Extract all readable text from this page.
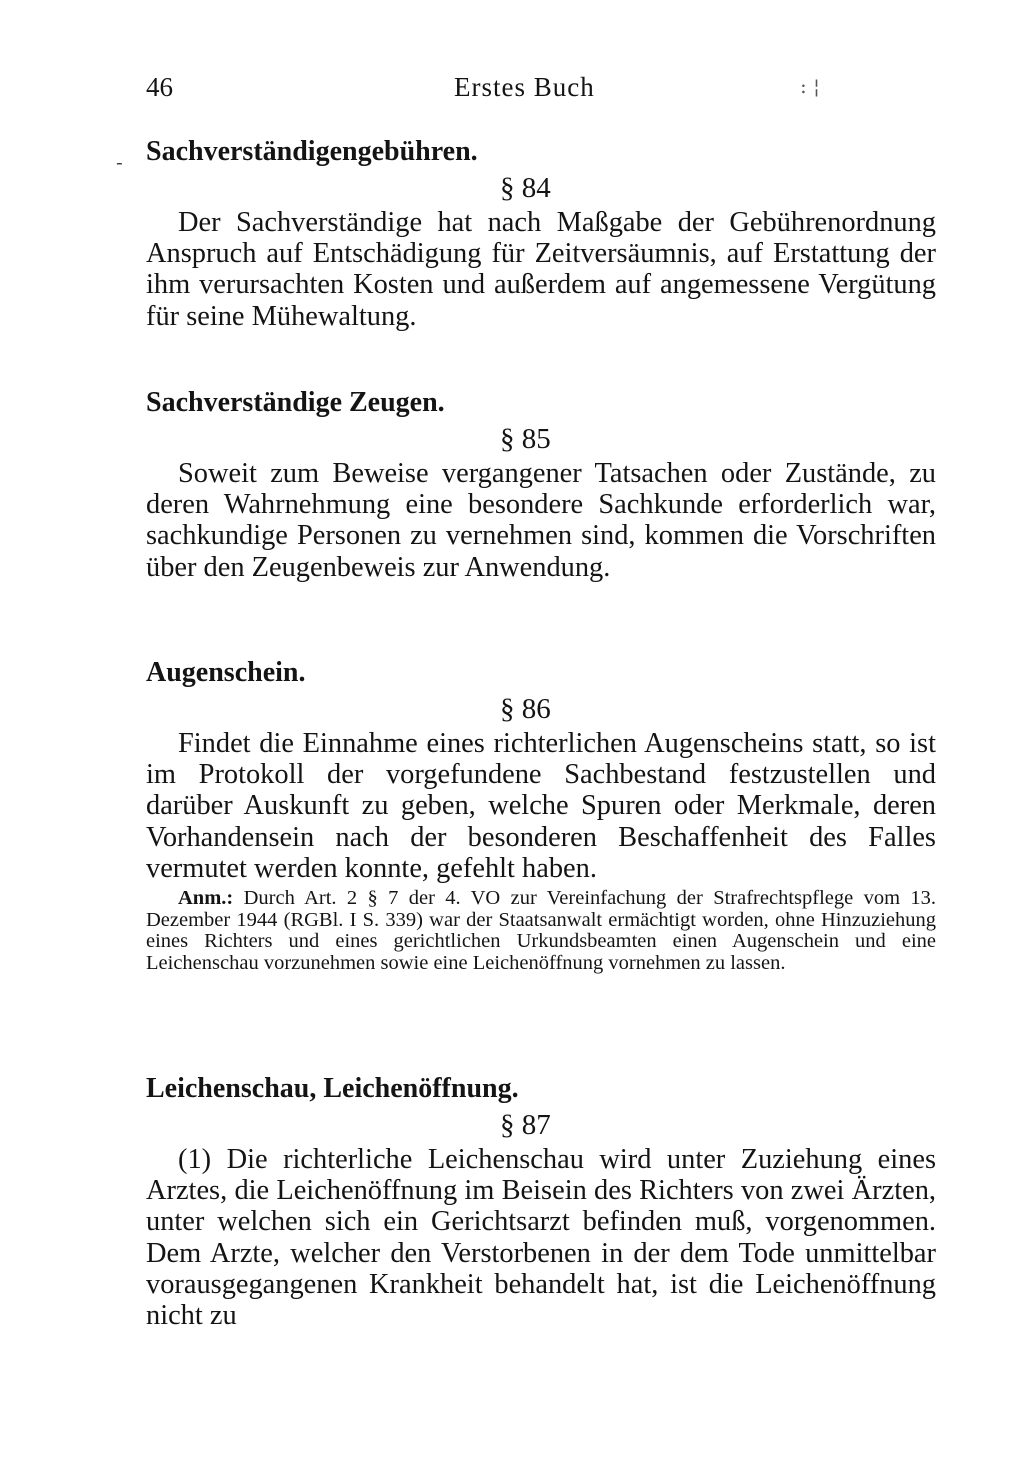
46	Erstes Buch	: ¦
- Sachverständigengebühren.

§ 84

Der Sachverständige hat nach Maßgabe der Gebührenordnung Anspruch auf Entschädigung für Zeitversäumnis, auf Erstattung der ihm verursachten Kosten und außerdem auf angemessene Vergütung für seine Mühewaltung.

Sachverständige Zeugen.

§ 85

Soweit zum Beweise vergangener Tatsachen oder Zustände, zu deren Wahrnehmung eine besondere Sachkunde erforderlich war, sachkundige Personen zu vernehmen sind, kommen die Vorschriften über den Zeugenbeweis zur Anwendung.

Augenschein.

§ 86

Findet die Einnahme eines richterlichen Augenscheins statt, so ist im Protokoll der vorgefundene Sachbestand festzustellen und darüber Auskunft zu geben, welche Spuren oder Merkmale, deren Vorhandensein nach der besonderen Beschaffenheit des Falles vermutet werden konnte, gefehlt haben.

Anm.: Durch Art. 2 § 7 der 4. VO zur Vereinfachung der Strafrechtspflege vom 13. Dezember 1944 (RGBl. I S. 339) war der Staatsanwalt ermächtigt worden, ohne Hinzuziehung eines Richters und eines gerichtlichen Urkundsbeamten einen Augenschein und eine Leichenschau vorzunehmen sowie eine Leichenöffnung vornehmen zu lassen.

Leichenschau, Leichenöffnung.

§ 87

(1) Die richterliche Leichenschau wird unter Zuziehung eines Arztes, die Leichenöffnung im Beisein des Richters von zwei Ärzten, unter welchen sich ein Gerichtsarzt befinden muß, vorgenommen. Dem Arzte, welcher den Verstorbenen in der dem Tode unmittelbar vorausgegangenen Krankheit behandelt hat, ist die Leichenöffnung nicht zu
